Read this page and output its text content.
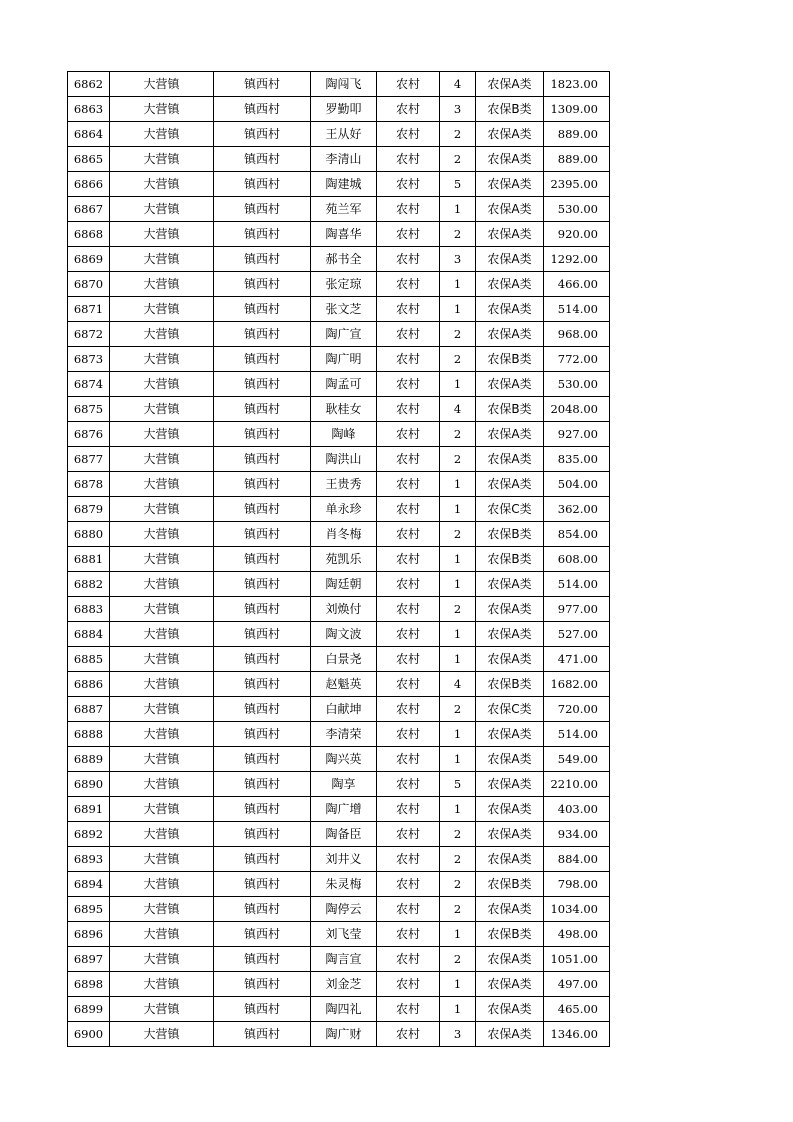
6862	大营镇	镇西村	陶闯飞	农村	4	农保A类	1823.00
6863	大营镇	镇西村	罗勤叩	农村	3	农保B类	1309.00
6864	大营镇	镇西村	王从好	农村	2	农保A类	889.00
6865	大营镇	镇西村	李清山	农村	2	农保A类	889.00
6866	大营镇	镇西村	陶建城	农村	5	农保A类	2395.00
6867	大营镇	镇西村	苑兰军	农村	1	农保A类	530.00
6868	大营镇	镇西村	陶喜华	农村	2	农保A类	920.00
6869	大营镇	镇西村	郝书全	农村	3	农保A类	1292.00
6870	大营镇	镇西村	张定琼	农村	1	农保A类	466.00
6871	大营镇	镇西村	张文芝	农村	1	农保A类	514.00
6872	大营镇	镇西村	陶广宣	农村	2	农保A类	968.00
6873	大营镇	镇西村	陶广明	农村	2	农保B类	772.00
6874	大营镇	镇西村	陶孟可	农村	1	农保A类	530.00
6875	大营镇	镇西村	耿桂女	农村	4	农保B类	2048.00
6876	大营镇	镇西村	陶峰	农村	2	农保A类	927.00
6877	大营镇	镇西村	陶洪山	农村	2	农保A类	835.00
6878	大营镇	镇西村	王贵秀	农村	1	农保A类	504.00
6879	大营镇	镇西村	单永珍	农村	1	农保C类	362.00
6880	大营镇	镇西村	肖冬梅	农村	2	农保B类	854.00
6881	大营镇	镇西村	苑凯乐	农村	1	农保B类	608.00
6882	大营镇	镇西村	陶廷朝	农村	1	农保A类	514.00
6883	大营镇	镇西村	刘焕付	农村	2	农保A类	977.00
6884	大营镇	镇西村	陶文波	农村	1	农保A类	527.00
6885	大营镇	镇西村	白景尧	农村	1	农保A类	471.00
6886	大营镇	镇西村	赵魁英	农村	4	农保B类	1682.00
6887	大营镇	镇西村	白献坤	农村	2	农保C类	720.00
6888	大营镇	镇西村	李清荣	农村	1	农保A类	514.00
6889	大营镇	镇西村	陶兴英	农村	1	农保A类	549.00
6890	大营镇	镇西村	陶享	农村	5	农保A类	2210.00
6891	大营镇	镇西村	陶广增	农村	1	农保A类	403.00
6892	大营镇	镇西村	陶备臣	农村	2	农保A类	934.00
6893	大营镇	镇西村	刘井义	农村	2	农保A类	884.00
6894	大营镇	镇西村	朱灵梅	农村	2	农保B类	798.00
6895	大营镇	镇西村	陶停云	农村	2	农保A类	1034.00
6896	大营镇	镇西村	刘飞莹	农村	1	农保B类	498.00
6897	大营镇	镇西村	陶言宣	农村	2	农保A类	1051.00
6898	大营镇	镇西村	刘金芝	农村	1	农保A类	497.00
6899	大营镇	镇西村	陶四礼	农村	1	农保A类	465.00
6900	大营镇	镇西村	陶广财	农村	3	农保A类	1346.00
